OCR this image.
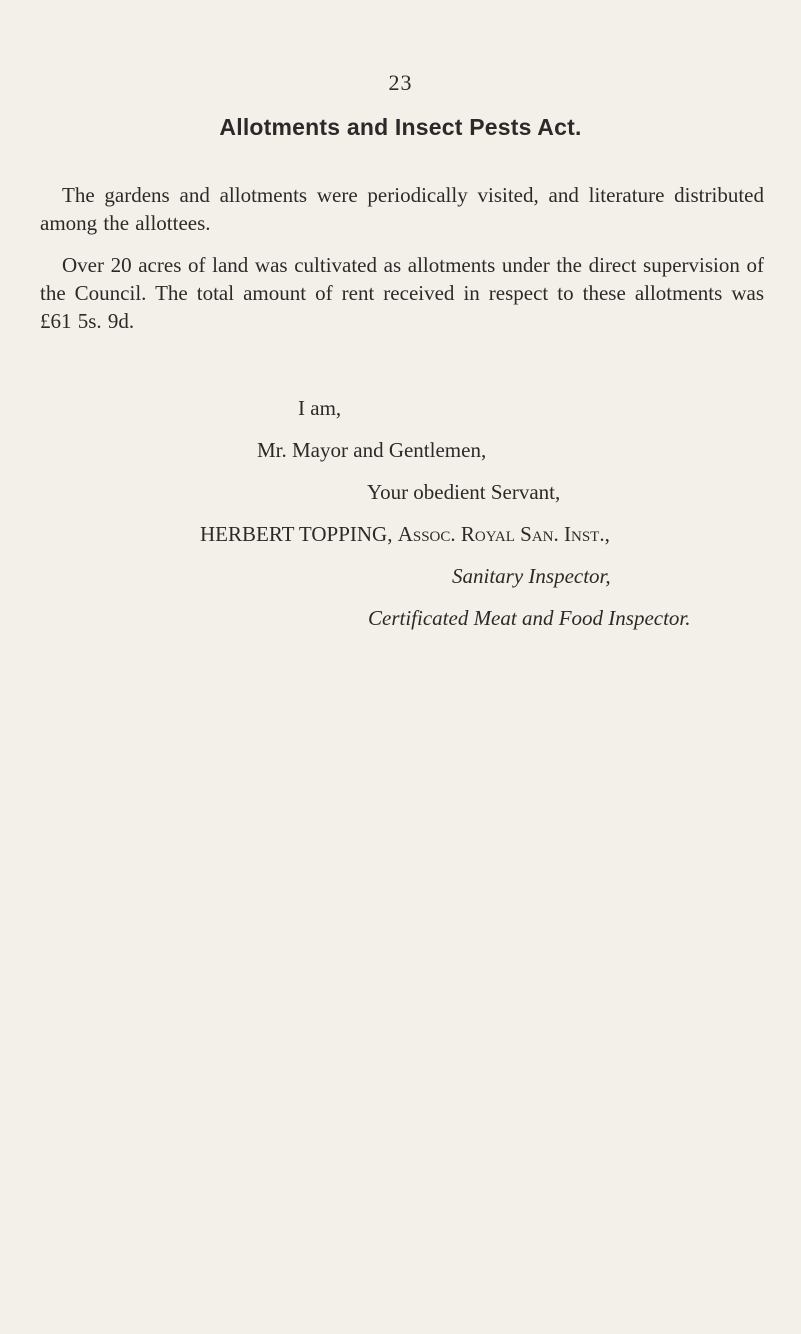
23
Allotments and Insect Pests Act.

The gardens and allotments were periodically visited, and literature distributed among the allottees.

Over 20 acres of land was cultivated as allotments under the direct supervision of the Council. The total amount of rent received in respect to these allotments was £61 5s. 9d.

I am,
Mr. Mayor and Gentlemen,
Your obedient Servant,
HERBERT TOPPING, Assoc. Royal San. Inst.,
Sanitary Inspector,
Certificated Meat and Food Inspector.
